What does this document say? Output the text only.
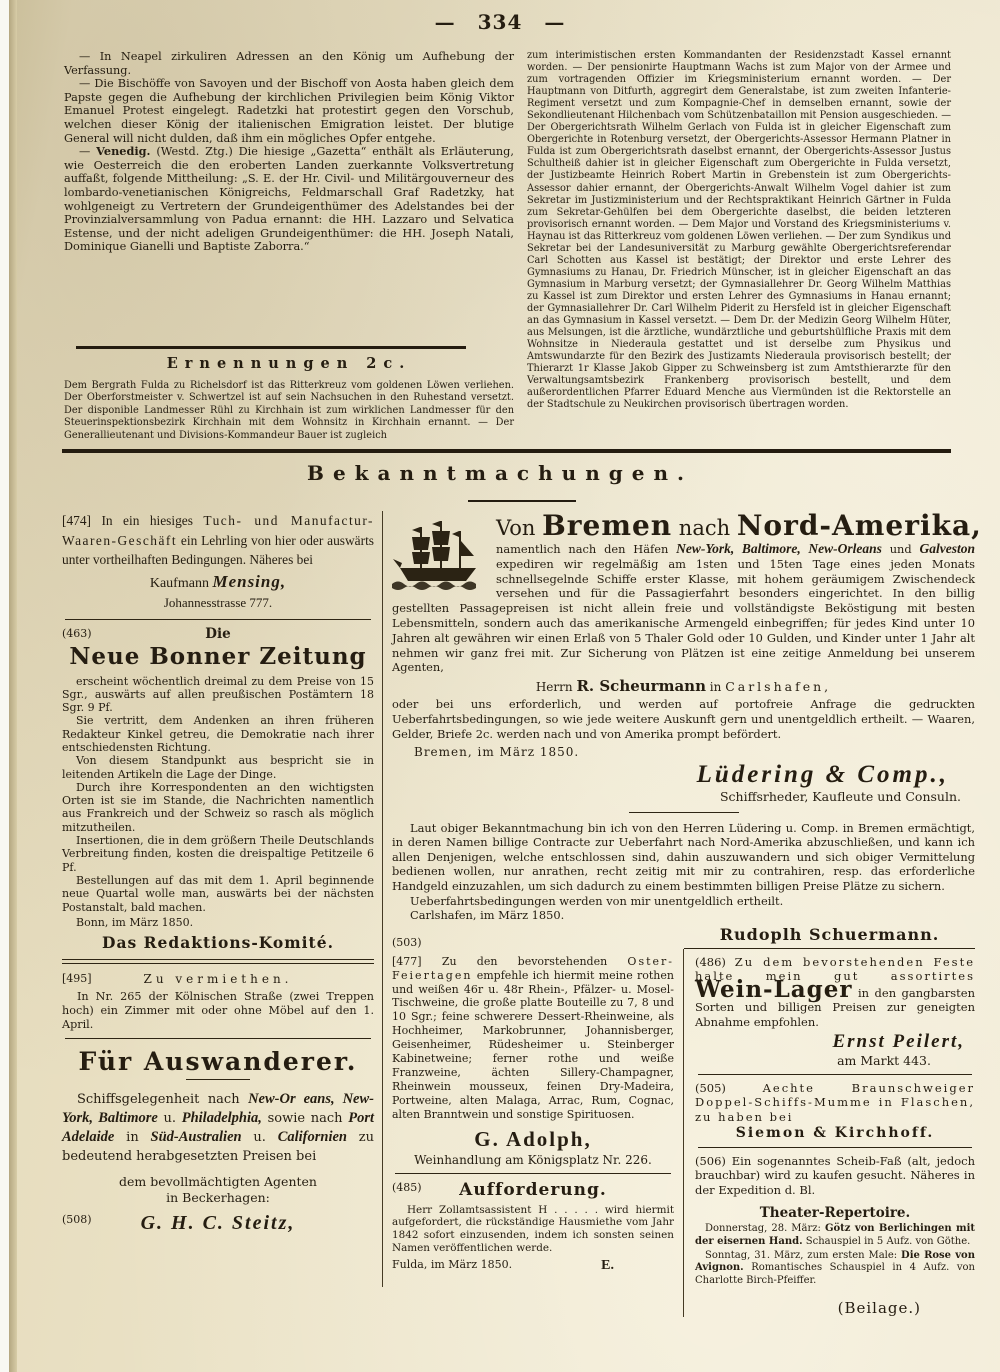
— 334 —

— In Neapel zirkuliren Adressen an den König um Aufhebung der Verfassung.

— Die Bischöffe von Savoyen und der Bischoff von Aosta haben gleich dem Papste gegen die Aufhebung der kirchlichen Privilegien beim König Viktor Emanuel Protest eingelegt. Radetzki hat protestirt gegen den Vorschub, welchen dieser König der italienischen Emigration leistet. Der blutige General will nicht dulden, daß ihm ein mögliches Opfer entgehe.

— Venedig. (Westd. Ztg.) Die hiesige „Gazetta“ enthält als Erläuterung, wie Oesterreich die den eroberten Landen zuerkannte Volksvertretung auffaßt, folgende Mittheilung: „S. E. der Hr. Civil- und Militärgouverneur des lombardo-venetianischen Königreichs, Feldmarschall Graf Radetzky, hat wohlgeneigt zu Vertretern der Grundeigenthümer des Adelstandes bei der Provinzialversammlung von Padua ernannt: die HH. Lazzaro und Selvatica Estense, und der nicht adeligen Grundeigenthümer: die HH. Joseph Natali, Dominique Gianelli und Baptiste Zaborra.“

zum interimistischen ersten Kommandanten der Residenzstadt Kassel ernannt worden. — Der pensionirte Hauptmann Wachs ist zum Major von der Armee und zum vortragenden Offizier im Kriegsministerium ernannt worden. — Der Hauptmann von Ditfurth, aggregirt dem Generalstabe, ist zum zweiten Infanterie-Regiment versetzt und zum Kompagnie-Chef in demselben ernannt, sowie der Sekondlieutenant Hilchenbach vom Schützenbataillon mit Pension ausgeschieden. — Der Obergerichtsrath Wilhelm Gerlach von Fulda ist in gleicher Eigenschaft zum Obergerichte in Rotenburg versetzt, der Obergerichts-Assessor Hermann Platner in Fulda ist zum Obergerichtsrath daselbst ernannt, der Obergerichts-Assessor Justus Schultheiß dahier ist in gleicher Eigenschaft zum Obergerichte in Fulda versetzt, der Justizbeamte Heinrich Robert Martin in Grebenstein ist zum Obergerichts-Assessor dahier ernannt, der Obergerichts-Anwalt Wilhelm Vogel dahier ist zum Sekretar im Justizministerium und der Rechtspraktikant Heinrich Gärtner in Fulda zum Sekretar-Gehülfen bei dem Obergerichte daselbst, die beiden letzteren provisorisch ernannt worden. — Dem Major und Vorstand des Kriegsministeriums v. Haynau ist das Ritterkreuz vom goldenen Löwen verliehen. — Der zum Syndikus und Sekretar bei der Landesuniversität zu Marburg gewählte Obergerichtsreferendar Carl Schotten aus Kassel ist bestätigt; der Direktor und erste Lehrer des Gymnasiums zu Hanau, Dr. Friedrich Münscher, ist in gleicher Eigenschaft an das Gymnasium in Marburg versetzt; der Gymnasiallehrer Dr. Georg Wilhelm Matthias zu Kassel ist zum Direktor und ersten Lehrer des Gymnasiums in Hanau ernannt; der Gymnasiallehrer Dr. Carl Wilhelm Piderit zu Hersfeld ist in gleicher Eigenschaft an das Gymnasium in Kassel versetzt. — Dem Dr. der Medizin Georg Wilhelm Hüter, aus Melsungen, ist die ärztliche, wundärztliche und geburtshülfliche Praxis mit dem Wohnsitze in Niederaula gestattet und ist derselbe zum Physikus und Amtswundarzte für den Bezirk des Justizamts Niederaula provisorisch bestellt; der Thierarzt 1r Klasse Jakob Gipper zu Schweinsberg ist zum Amtsthierarzte für den Verwaltungsamtsbezirk Frankenberg provisorisch bestellt, und dem außerordentlichen Pfarrer Eduard Menche aus Viermünden ist die Rektorstelle an der Stadtschule zu Neukirchen provisorisch übertragen worden.

Ernennungen 2c.

Dem Bergrath Fulda zu Richelsdorf ist das Ritterkreuz vom goldenen Löwen verliehen. Der Oberforstmeister v. Schwertzel ist auf sein Nachsuchen in den Ruhestand versetzt. Der disponible Landmesser Rühl zu Kirchhain ist zum wirklichen Landmesser für den Steuerinspektionsbezirk Kirchhain mit dem Wohnsitz in Kirchhain ernannt. — Der Generallieutenant und Divisions-Kommandeur Bauer ist zugleich

Bekanntmachungen.

[474] In ein hiesiges Tuch- und Manufactur-Waaren-Geschäft ein Lehrling von hier oder auswärts unter vortheilhaften Bedingungen. Näheres bei

Kaufmann Mensing,
Johannesstrasse 777.
(463)	Die
Neue Bonner Zeitung

erscheint wöchentlich dreimal zu dem Preise von 15 Sgr., auswärts auf allen preußischen Postämtern 18 Sgr. 9 Pf.

Sie vertritt, dem Andenken an ihren früheren Redakteur Kinkel getreu, die Demokratie nach ihrer entschiedensten Richtung.

Von diesem Standpunkt aus bespricht sie in leitenden Artikeln die Lage der Dinge.

Durch ihre Korrespondenten an den wichtigsten Orten ist sie im Stande, die Nachrichten namentlich aus Frankreich und der Schweiz so rasch als möglich mitzutheilen.

Insertionen, die in dem größern Theile Deutschlands Verbreitung finden, kosten die dreispaltige Petitzeile 6 Pf.

Bestellungen auf das mit dem 1. April beginnende neue Quartal wolle man, auswärts bei der nächsten Postanstalt, bald machen.

Bonn, im März 1850.

Das Redaktions-Komité.
[495]	Zu vermiethen.

In Nr. 265 der Kölnischen Straße (zwei Treppen hoch) ein Zimmer mit oder ohne Möbel auf den 1. April.

Für Auswanderer.

Schiffsgelegenheit nach New-Or eans, New-York, Baltimore u. Philadelphia, sowie nach Port Adelaide in Süd-Australien u. Californien zu bedeutend herabgesetzten Preisen bei

dem bevollmächtigten Agenten
in Beckerhagen:
(508) G. H. C. Steitz,
Von Bremen nach Nord-Amerika,

namentlich nach den Häfen New-York, Baltimore, New-Orleans und Galveston expediren wir regelmäßig am 1sten und 15ten Tage eines jeden Monats schnellsegelnde Schiffe erster Klasse, mit hohem geräumigem Zwischendeck versehen und für die Passagierfahrt besonders eingerichtet. In den billig gestellten Passagepreisen ist nicht allein freie und vollständigste Beköstigung mit besten Lebensmitteln, sondern auch das amerikanische Armengeld einbegriffen; für jedes Kind unter 10 Jahren alt gewähren wir einen Erlaß von 5 Thaler Gold oder 10 Gulden, und Kinder unter 1 Jahr alt nehmen wir ganz frei mit. Zur Sicherung von Plätzen ist eine zeitige Anmeldung bei unserem Agenten,

Herrn R. Scheurmann in Carlshafen,

oder bei uns erforderlich, und werden auf portofreie Anfrage die gedruckten Ueberfahrtsbedingungen, so wie jede weitere Auskunft gern und unentgeldlich ertheilt. — Waaren, Gelder, Briefe 2c. werden nach und von Amerika prompt befördert.

Bremen, im März 1850.

Lüdering & Comp.,
Schiffsrheder, Kaufleute und Consuln.

Laut obiger Bekanntmachung bin ich von den Herren Lüdering u. Comp. in Bremen ermächtigt, in deren Namen billige Contracte zur Ueberfahrt nach Nord-Amerika abzuschließen, und kann ich allen Denjenigen, welche entschlossen sind, dahin auszuwandern und sich obiger Vermittelung bedienen wollen, nur anrathen, recht zeitig mit mir zu contrahiren, resp. das erforderliche Handgeld einzuzahlen, um sich dadurch zu einem bestimmten billigen Preise Plätze zu sichern.

Ueberfahrtsbedingungen werden von mir unentgeldlich ertheilt.

Carlshafen, im März 1850.

(503)	Rudoplh Schuermann.

[477] Zu den bevorstehenden Oster-Feiertagen empfehle ich hiermit meine rothen und weißen 46r u. 48r Rhein-, Pfälzer- u. Mosel-Tischweine, die große platte Bouteille zu 7, 8 und 10 Sgr.; feine schwerere Dessert-Rheinweine, als Hochheimer, Markobrunner, Johannisberger, Geisenheimer, Rüdesheimer u. Steinberger Kabinetweine; ferner rothe und weiße Franzweine, ächten Sillery-Champagner, Rheinwein mousseux, feinen Dry-Madeira, Portweine, alten Malaga, Arrac, Rum, Cognac, alten Branntwein und sonstige Spirituosen.

G. Adolph,
Weinhandlung am Königsplatz Nr. 226.
(485) Aufforderung.

Herr Zollamtsassistent H . . . . . wird hiermit aufgefordert, die rückständige Hausmiethe vom Jahr 1842 sofort einzusenden, indem ich sonsten seinen Namen veröffentlichen werde.

Fulda, im März 1850.	E.

(486) Zu dem bevorstehenden Feste halte mein gut assortirtes Wein-Lager in den gangbarsten Sorten und billigen Preisen zur geneigten Abnahme empfohlen.

Ernst Peilert,
am Markt 443.

(505) Aechte Braunschweiger Doppel-Schiffs-Mumme in Flaschen, zu haben bei

Siemon & Kirchhoff.

(506) Ein sogenanntes Scheib-Faß (alt, jedoch brauchbar) wird zu kaufen gesucht. Näheres in der Expedition d. Bl.

Theater-Repertoire.

Donnerstag, 28. März: Götz von Berlichingen mit der eisernen Hand. Schauspiel in 5 Aufz. von Göthe.

Sonntag, 31. März, zum ersten Male: Die Rose von Avignon. Romantisches Schauspiel in 4 Aufz. von Charlotte Birch-Pfeiffer.

(Beilage.)
